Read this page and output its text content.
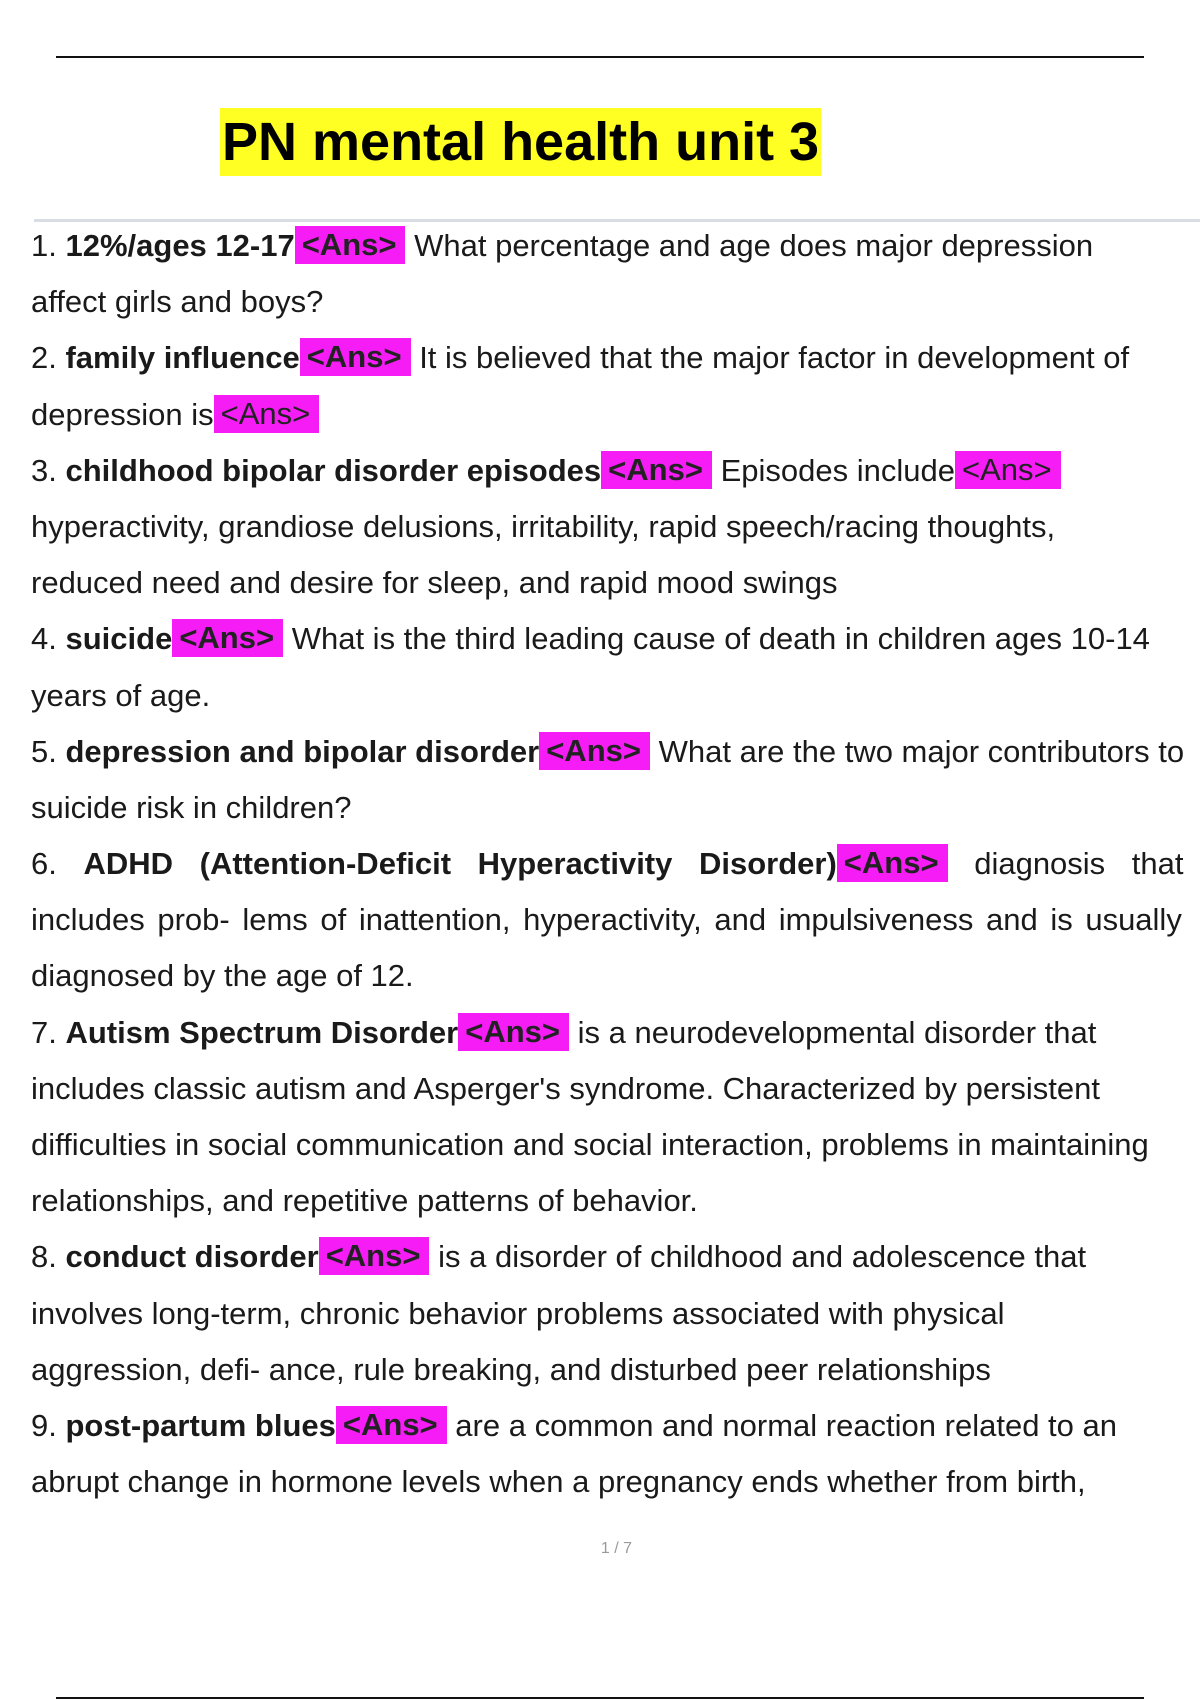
PN mental health unit 3
1. 12%/ages 12-17 <Ans> What percentage and age does major depression
affect girls and boys?
2. family influence <Ans> It is believed that the major factor in development of
depression is <Ans>
3. childhood bipolar disorder episodes <Ans> Episodes include <Ans>
hyperactivity, grandiose delusions, irritability, rapid speech/racing thoughts,
reduced need and desire for sleep, and rapid mood swings
4. suicide <Ans> What is the third leading cause of death in children ages 10-14
years of age.
5. depression and bipolar disorder <Ans> What are the two major contributors to
suicide risk in children?
6. ADHD (Attention-Deficit Hyperactivity Disorder) <Ans> diagnosis that
includes prob- lems of inattention, hyperactivity, and impulsiveness and is usually
diagnosed by the age of 12.
7. Autism Spectrum Disorder <Ans> is a neurodevelopmental disorder that
includes classic autism and Asperger's syndrome. Characterized by persistent
difficulties in social communication and social interaction, problems in maintaining
relationships, and repetitive patterns of behavior.
8. conduct disorder <Ans> is a disorder of childhood and adolescence that
involves long-term, chronic behavior problems associated with physical
aggression, defi- ance, rule breaking, and disturbed peer relationships
9. post-partum blues <Ans> are a common and normal reaction related to an
abrupt change in hormone levels when a pregnancy ends whether from birth,
1 / 7
